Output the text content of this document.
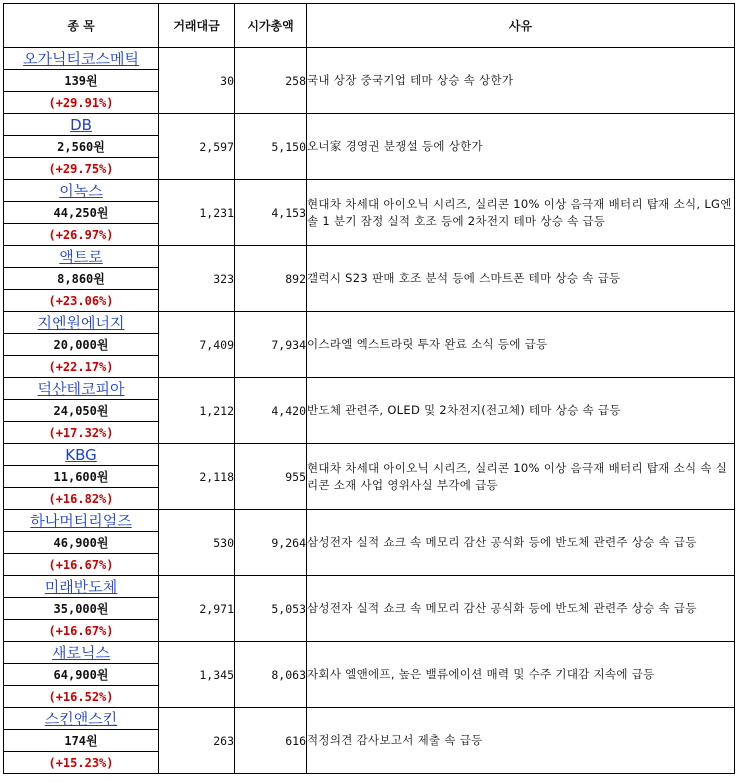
종 목	거래대금	시가총액	사유
오가닉티코스메틱	30	258	국내 상장 중국기업 테마 상승 속 상한가
139원			
(+29.91%)			
DB	2,597	5,150	오너家 경영권 분쟁설 등에 상한가
2,560원			
(+29.75%)			
이녹스	1,231	4,153	현대차 차세대 아이오닉 시리즈, 실리콘 10% 이상 음극재 배터리 탑재 소식, LG엔솔 1 분기 잠정 실적 호조 등에 2차전지 테마 상승 속 급등
44,250원			
(+26.97%)			
액트로	323	892	갤럭시 S23 판매 호조 분석 등에 스마트폰 테마 상승 속 급등
8,860원			
(+23.06%)			
지엔원에너지	7,409	7,934	이스라엘 엑스트라릿 투자 완료 소식 등에 급등
20,000원			
(+22.17%)			
덕산테코피아	1,212	4,420	반도체 관련주, OLED 및 2차전지(전고체) 테마 상승 속 급등
24,050원			
(+17.32%)			
KBG	2,118	955	현대차 차세대 아이오닉 시리즈, 실리콘 10% 이상 음극재 배터리 탑재 소식 속 실리콘 소재 사업 영위사실 부각에 급등
11,600원			
(+16.82%)			
하나머티리얼즈	530	9,264	삼성전자 실적 쇼크 속 메모리 감산 공식화 등에 반도체 관련주 상승 속 급등
46,900원			
(+16.67%)			
미래반도체	2,971	5,053	삼성전자 실적 쇼크 속 메모리 감산 공식화 등에 반도체 관련주 상승 속 급등
35,000원			
(+16.67%)			
새로닉스	1,345	8,063	자회사 엘앤에프, 높은 밸류에이션 매력 및 수주 기대감 지속에 급등
64,900원			
(+16.52%)			
스킨앤스킨	263	616	적정의견 감사보고서 제출 속 급등
174원			
(+15.23%)			
